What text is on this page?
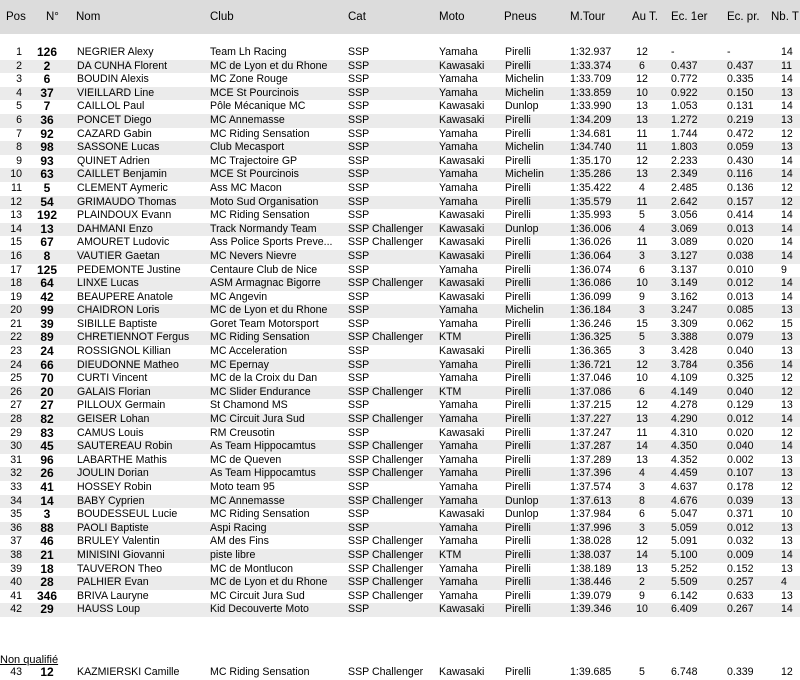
Pos N° Nom	Club	Cat	Moto	Pneus	M.Tour Au T. Ec. 1er Ec. pr. Nb. T
1	126	NEGRIER Alexy	Team Lh Racing	SSP	Yamaha	Pirelli	1:32.937	12	-	-	14
2	2	DA CUNHA Florent	MC de Lyon et du Rhone	SSP	Kawasaki	Pirelli	1:33.374	6	0.437	0.437	11
3	6	BOUDIN Alexis	MC Zone Rouge	SSP	Yamaha	Michelin	1:33.709	12	0.772	0.335	14
4	37	VIEILLARD Line	MCE St Pourcinois	SSP	Yamaha	Michelin	1:33.859	10	0.922	0.150	13
5	7	CAILLOL Paul	Pôle Mécanique MC	SSP	Kawasaki	Dunlop	1:33.990	13	1.053	0.131	14
6	36	PONCET Diego	MC Annemasse	SSP	Kawasaki	Pirelli	1:34.209	13	1.272	0.219	13
7	92	CAZARD Gabin	MC Riding Sensation	SSP	Yamaha	Pirelli	1:34.681	11	1.744	0.472	12
8	98	SASSONE Lucas	Club Mecasport	SSP	Yamaha	Michelin	1:34.740	11	1.803	0.059	13
9	93	QUINET Adrien	MC Trajectoire GP	SSP	Kawasaki	Pirelli	1:35.170	12	2.233	0.430	14
10	63	CAILLET Benjamin	MCE St Pourcinois	SSP	Yamaha	Michelin	1:35.286	13	2.349	0.116	14
11	5	CLEMENT Aymeric	Ass MC Macon	SSP	Yamaha	Pirelli	1:35.422	4	2.485	0.136	12
12	54	GRIMAUDO Thomas	Moto Sud Organisation	SSP	Yamaha	Pirelli	1:35.579	11	2.642	0.157	12
13	192	PLAINDOUX Evann	MC Riding Sensation	SSP	Kawasaki	Pirelli	1:35.993	5	3.056	0.414	14
14	13	DAHMANI Enzo	Track Normandy Team	SSP Challenger	Kawasaki	Dunlop	1:36.006	4	3.069	0.013	14
15	67	AMOURET Ludovic	Ass Police Sports Preve...	SSP Challenger	Kawasaki	Pirelli	1:36.026	11	3.089	0.020	14
16	8	VAUTIER Gaetan	MC Nevers Nievre	SSP	Kawasaki	Pirelli	1:36.064	3	3.127	0.038	14
17	125	PEDEMONTE Justine	Centaure Club de Nice	SSP	Yamaha	Pirelli	1:36.074	6	3.137	0.010	9
18	64	LINXE Lucas	ASM Armagnac Bigorre	SSP Challenger	Kawasaki	Pirelli	1:36.086	10	3.149	0.012	14
19	42	BEAUPERE Anatole	MC Angevin	SSP	Kawasaki	Pirelli	1:36.099	9	3.162	0.013	14
20	99	CHAIDRON Loris	MC de Lyon et du Rhone	SSP	Yamaha	Michelin	1:36.184	3	3.247	0.085	13
21	39	SIBILLE Baptiste	Goret Team Motorsport	SSP	Yamaha	Pirelli	1:36.246	15	3.309	0.062	15
22	89	CHRETIENNOT Fergus	MC Riding Sensation	SSP Challenger	KTM	Pirelli	1:36.325	5	3.388	0.079	13
23	24	ROSSIGNOL Killian	MC Acceleration	SSP	Kawasaki	Pirelli	1:36.365	3	3.428	0.040	13
24	66	DIEUDONNE Matheo	MC Epernay	SSP	Yamaha	Pirelli	1:36.721	12	3.784	0.356	14
25	70	CURTI Vincent	MC de la Croix du Dan	SSP	Yamaha	Pirelli	1:37.046	10	4.109	0.325	12
26	20	GALAIS Florian	MC Slider Endurance	SSP Challenger	KTM	Pirelli	1:37.086	6	4.149	0.040	12
27	27	PILLOUX Germain	St Chamond MS	SSP	Yamaha	Pirelli	1:37.215	12	4.278	0.129	13
28	82	GEISER Lohan	MC Circuit Jura Sud	SSP Challenger	Yamaha	Pirelli	1:37.227	13	4.290	0.012	14
29	83	CAMUS Louis	RM Creusotin	SSP	Kawasaki	Pirelli	1:37.247	11	4.310	0.020	12
30	45	SAUTEREAU Robin	As Team Hippocamtus	SSP Challenger	Yamaha	Pirelli	1:37.287	14	4.350	0.040	14
31	96	LABARTHE Mathis	MC de Queven	SSP Challenger	Yamaha	Pirelli	1:37.289	13	4.352	0.002	13
32	26	JOULIN Dorian	As Team Hippocamtus	SSP Challenger	Yamaha	Pirelli	1:37.396	4	4.459	0.107	13
33	41	HOSSEY Robin	Moto team 95	SSP	Yamaha	Pirelli	1:37.574	3	4.637	0.178	12
34	14	BABY Cyprien	MC Annemasse	SSP Challenger	Yamaha	Dunlop	1:37.613	8	4.676	0.039	13
35	3	BOUDESSEUL Lucie	MC Riding Sensation	SSP	Kawasaki	Dunlop	1:37.984	6	5.047	0.371	10
36	88	PAOLI Baptiste	Aspi Racing	SSP	Yamaha	Pirelli	1:37.996	3	5.059	0.012	13
37	46	BRULEY Valentin	AM des Fins	SSP Challenger	Yamaha	Pirelli	1:38.028	12	5.091	0.032	13
38	21	MINISINI Giovanni	piste libre	SSP Challenger	KTM	Pirelli	1:38.037	14	5.100	0.009	14
39	18	TAUVERON Theo	MC de Montlucon	SSP Challenger	Yamaha	Pirelli	1:38.189	13	5.252	0.152	13
40	28	PALHIER Evan	MC de Lyon et du Rhone	SSP Challenger	Yamaha	Pirelli	1:38.446	2	5.509	0.257	4
41	346	BRIVA Lauryne	MC Circuit Jura Sud	SSP Challenger	Yamaha	Pirelli	1:39.079	9	6.142	0.633	13
42	29	HAUSS Loup	Kid Decouverte Moto	SSP	Kawasaki	Pirelli	1:39.346	10	6.409	0.267	14
Non qualifié
43	12	KAZMIERSKI Camille	MC Riding Sensation	SSP Challenger	Kawasaki	Pirelli	1:39.685	5	6.748	0.339	12
